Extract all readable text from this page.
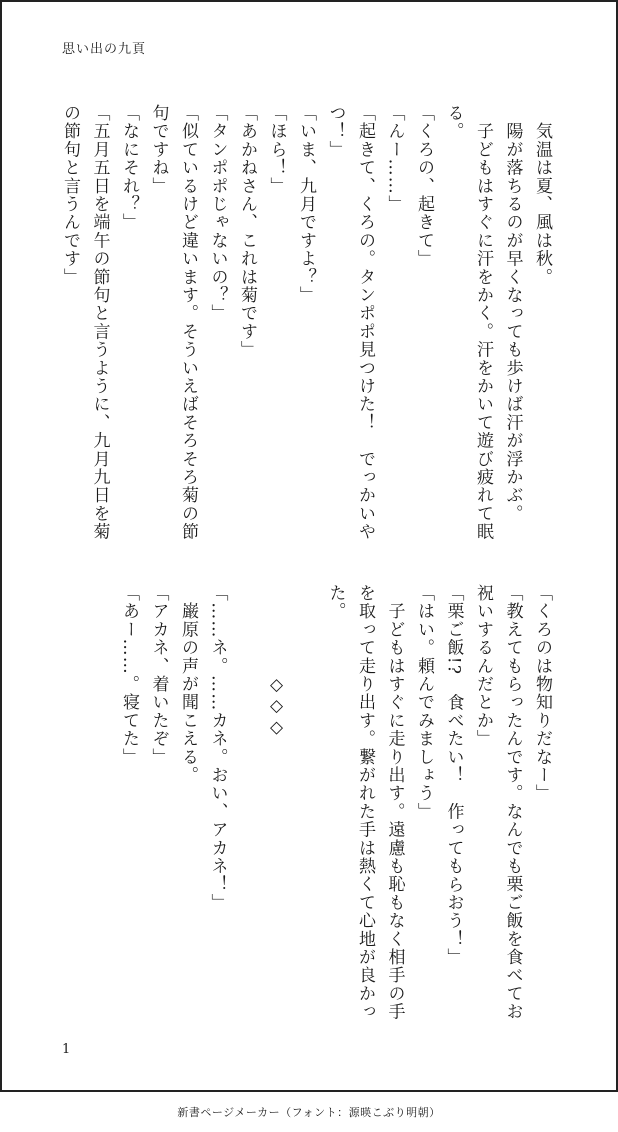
思い出の九頁
　気温は夏、風は秋。
　陽が落ちるのが早くなっても歩けば汗が浮かぶ。
　子どもはすぐに汗をかく。汗をかいて遊び疲れて眠
る。
「くろの、起きて」
「んー……」
「起きて、くろの。タンポポ見つけた！　でっかいや
つ！」
「いま、九月ですよ？」
「ほら！」
「あかねさん、これは菊です」
「タンポポじゃないの？」
「似ているけど違います。そういえばそろそろ菊の節
句ですね」
「なにそれ？」
「五月五日を端午の節句と言うように、九月九日を菊
の節句と言うんです」
「くろのは物知りだなー」
「教えてもらったんです。なんでも栗ご飯を食べてお
祝いするんだとか」
「栗ご飯!?　食べたい！　作ってもらおう！」
「はい。頼んでみましょう」
　子どもはすぐに走り出す。遠慮も恥もなく相手の手
を取って走り出す。繋がれた手は熱くて心地が良かっ
た。
　　　　　◇◇◇
「……ネ。……カネ。おい、アカネ！」
　巌原の声が聞こえる。
「アカネ、着いたぞ」
「あー……。寝てた」
1
新書ページメーカー（フォント：源暎こぶり明朝）
